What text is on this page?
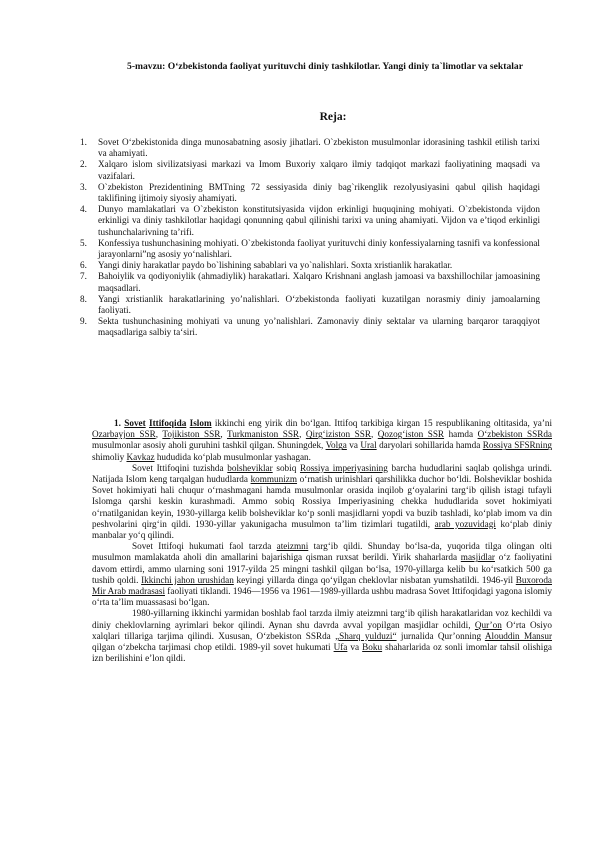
5-mavzu: O‘zbekistonda faoliyat yurituvchi diniy tashkilotlar. Yangi diniy ta`limotlar va sektalar
Reja:
1. Sovet O‘zbekistonida dinga munosabatning asosiy jihatlari. O`zbekiston musulmonlar idorasining tashkil etilish tarixi va ahamiyati.
2. Xalqaro islom sivilizatsiyasi markazi va Imom Buxoriy xalqaro ilmiy tadqiqot markazi faoliyatining maqsadi va vazifalari.
3. O`zbekiston Prezidentining BMTning 72 sessiyasida diniy bag`rikenglik rezolyusiyasini qabul qilish haqidagi taklifining ijtimoiy siyosiy ahamiyati.
4. Dunyo mamlakatlari va O`zbekiston konstitutsiyasida vijdon erkinligi huquqining mohiyati. O`zbekistonda vijdon erkinligi va diniy tashkilotlar haqidagi qonunning qabul qilinishi tarixi va uning ahamiyati. Vijdon va e’tiqod erkinligi tushunchalarivning ta’rifi.
5. Konfessiya tushunchasining mohiyati. O`zbekistonda faoliyat yurituvchi diniy konfessiyalarning tasnifi va konfessional jarayonlarni”ng asosiy yo‘nalishlari.
6. Yangi diniy harakatlar paydo bo`lishining sabablari va yo`nalishlari. Soxta xristianlik harakatlar.
7. Bahoiylik va qodiyoniylik (ahmadiylik) harakatlari. Xalqaro Krishnani anglash jamoasi va baxshillochilar jamoasining maqsadlari.
8. Yangi xristianlik harakatlarining yo’nalishlari. O‘zbekistonda faoliyati kuzatilgan norasmiy diniy jamoalarning faoliyati.
9. Sekta tushunchasining mohiyati va unung yo’nalishlari. Zamonaviy diniy sektalar va ularning barqaror taraqqiyot maqsadlariga salbiy ta‘siri.

1. Sovet Ittifoqida Islom ikkinchi eng yirik din bo‘lgan. Ittifoq tarkibiga kirgan 15 respublikaning oltitasida, ya’ni Ozarbayjon SSR, Tojikiston SSR, Turkmaniston SSR, Qirg‘iziston SSR, Qozog‘iston SSR hamda O‘zbekiston SSRda musulmonlar asosiy aholi guruhini tashkil qilgan. Shuningdek, Volga va Ural daryolari sohillarida hamda Rossiya SFSRning shimoliy Kavkaz hududida ko‘plab musulmonlar yashagan.

Sovet Ittifoqini tuzishda bolsheviklar sobiq Rossiya imperiyasining barcha hududlarini saqlab qolishga urindi. Natijada Islom keng tarqalgan hududlarda kommunizm o‘rnatish urinishlari qarshilikka duchor bo‘ldi. Bolsheviklar boshida Sovet hokimiyati hali chuqur o‘rnashmagani hamda musulmonlar orasida inqilob g‘oyalarini targ‘ib qilish istagi tufayli Islomga qarshi keskin kurashmadi. Ammo sobiq Rossiya Imperiyasining chekka hududlarida sovet hokimiyati o‘rnatilganidan keyin, 1930-yillarga kelib bolsheviklar ko‘p sonli masjidlarni yopdi va buzib tashladi, ko‘plab imom va din peshvolarini qirg‘in qildi. 1930-yillar yakunigacha musulmon ta’lim tizimlari tugatildi, arab yozuvidagi ko‘plab diniy manbalar yo‘q qilindi.

Sovet Ittifoqi hukumati faol tarzda ateizmni targ‘ib qildi. Shunday bo‘lsa-da, yuqorida tilga olingan olti musulmon mamlakatda aholi din amallarini bajarishiga qisman ruxsat berildi. Yirik shaharlarda masjidlar o‘z faoliyatini davom ettirdi, ammo ularning soni 1917-yilda 25 mingni tashkil qilgan bo‘lsa, 1970-yillarga kelib bu ko‘rsatkich 500 ga tushib qoldi. Ikkinchi jahon urushidan keyingi yillarda dinga qo‘yilgan cheklovlar nisbatan yumshatildi. 1946-yil Buxoroda Mir Arab madrasasi faoliyati tiklandi. 1946—1956 va 1961—1989-yillarda ushbu madrasa Sovet Ittifoqidagi yagona islomiy o‘rta ta’lim muassasasi bo‘lgan.

1980-yillarning ikkinchi yarmidan boshlab faol tarzda ilmiy ateizmni targ‘ib qilish harakatlaridan voz kechildi va diniy cheklovlarning ayrimlari bekor qilindi. Aynan shu davrda avval yopilgan masjidlar ochildi, Qur’on O‘rta Osiyo xalqlari tillariga tarjima qilindi. Xususan, O‘zbekiston SSRda „Sharq yulduzi“ jurnalida Qur’onning Alouddin Mansur qilgan o‘zbekcha tarjimasi chop etildi. 1989-yil sovet hukumati Ufa va Boku shaharlarida oz sonli imomlar tahsil olishiga izn berilishini e’lon qildi.
